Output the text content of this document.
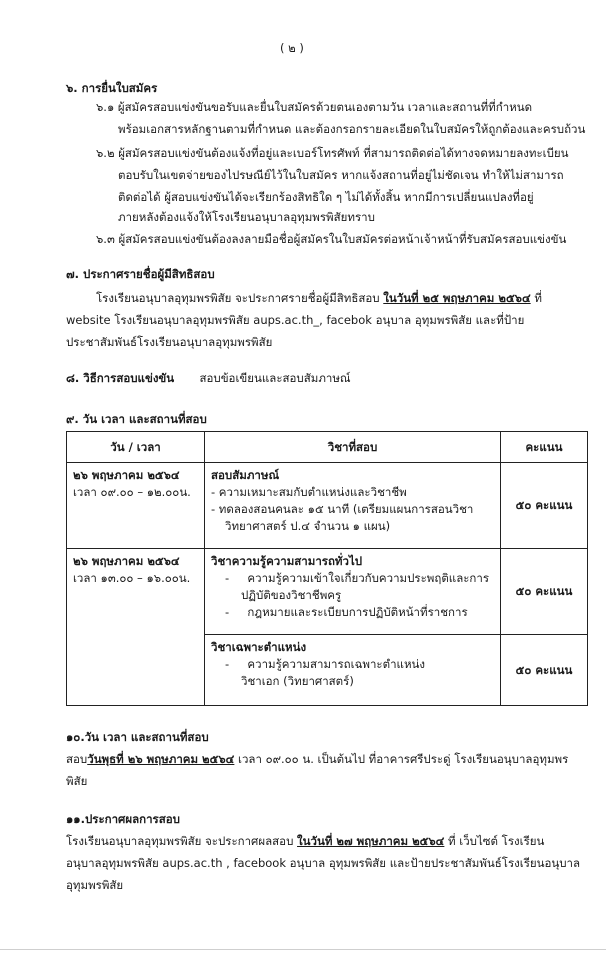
( ๒ )
๖. การยื่นใบสมัคร
๖.๑ ผู้สมัครสอบแข่งขันขอรับและยื่นใบสมัครด้วยตนเองตามวัน เวลาและสถานที่ที่กำหนด
พร้อมเอกสารหลักฐานตามที่กำหนด และต้องกรอกรายละเอียดในใบสมัครให้ถูกต้องและครบถ้วน
๖.๒ ผู้สมัครสอบแข่งขันต้องแจ้งที่อยู่และเบอร์โทรศัพท์ ที่สามารถติดต่อได้ทางจดหมายลงทะเบียน
ตอบรับในเขตจ่ายของไปรษณีย์ไว้ในใบสมัคร หากแจ้งสถานที่อยู่ไม่ชัดเจน ทำให้ไม่สามารถ
ติดต่อได้ ผู้สอบแข่งขันได้จะเรียกร้องสิทธิใด ๆ ไม่ได้ทั้งสิ้น หากมีการเปลี่ยนแปลงที่อยู่
ภายหลังต้องแจ้งให้โรงเรียนอนุบาลอุทุมพรพิสัยทราบ
๖.๓ ผู้สมัครสอบแข่งขันต้องลงลายมือชื่อผู้สมัครในใบสมัครต่อหน้าเจ้าหน้าที่รับสมัครสอบแข่งขัน
๗. ประกาศรายชื่อผู้มีสิทธิสอบ
โรงเรียนอนุบาลอุทุมพรพิสัย จะประกาศรายชื่อผู้มีสิทธิสอบ ในวันที่ ๒๕ พฤษภาคม ๒๕๖๔ ที่
website โรงเรียนอนุบาลอุทุมพรพิสัย aups.ac.th_, facebok อนุบาล อุทุมพรพิสัย และที่ป้าย
ประชาสัมพันธ์โรงเรียนอนุบาลอุทุมพรพิสัย
๘. วิธีการสอบแข่งขัน สอบข้อเขียนและสอบสัมภาษณ์
๙. วัน เวลา และสถานที่สอบ
วัน / เวลา	วิชาที่สอบ	คะแนน

๒๖ พฤษภาคม ๒๕๖๔
เวลา ๐๙.๐๐ – ๑๒.๐๐น.	สอบสัมภาษณ์
- ความเหมาะสมกับตำแหน่งและวิชาชีพ
- ทดลองสอนคนละ ๑๕ นาที (เตรียมแผนการสอนวิชา
วิทยาศาสตร์ ป.๔ จำนวน ๑ แผน)	๕๐ คะแนน

๒๖ พฤษภาคม ๒๕๖๔
เวลา ๑๓.๐๐ – ๑๖.๐๐น.	วิชาความรู้ความสามารถทั่วไป
-     ความรู้ความเข้าใจเกี่ยวกับความประพฤติและการ
ปฏิบัติของวิชาชีพครู
-     กฎหมายและระเบียบการปฏิบัติหน้าที่ราชการ	๕๐ คะแนน

	วิชาเฉพาะตำแหน่ง
-     ความรู้ความสามารถเฉพาะตำแหน่ง
วิชาเอก (วิทยาศาสตร์)	๕๐ คะแนน
๑๐.วัน เวลา และสถานที่สอบ
สอบวันพุธที่ ๒๖ พฤษภาคม ๒๕๖๔ เวลา ๐๙.๐๐ น. เป็นต้นไป ที่อาคารศรีประดู่ โรงเรียนอนุบาลอุทุมพร
พิสัย
๑๑.ประกาศผลการสอบ
โรงเรียนอนุบาลอุทุมพรพิสัย จะประกาศผลสอบ ในวันที่ ๒๗ พฤษภาคม ๒๕๖๔ ที่ เว็บไซต์ โรงเรียน
อนุบาลอุทุมพรพิสัย aups.ac.th , facebook อนุบาล อุทุมพรพิสัย และป้ายประชาสัมพันธ์โรงเรียนอนุบาล
อุทุมพรพิสัย
